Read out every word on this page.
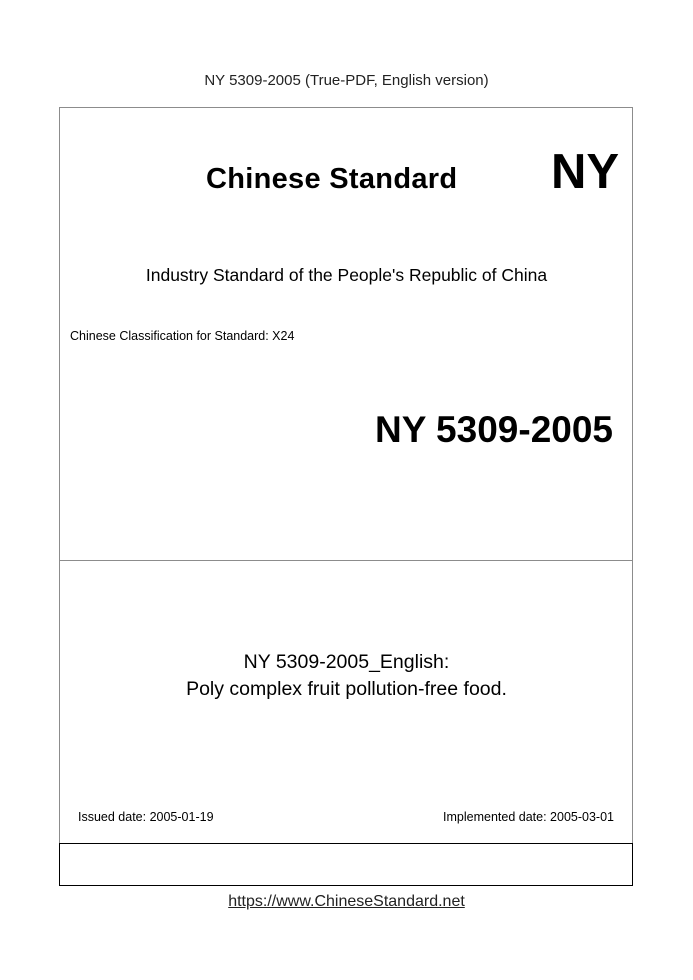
NY 5309-2005 (True-PDF, English version)
Chinese Standard NY
Industry Standard of the People's Republic of China
Chinese Classification for Standard: X24
NY 5309-2005
NY 5309-2005_English:
Poly complex fruit pollution-free food.
Issued date: 2005-01-19	Implemented date: 2005-03-01
https://www.ChineseStandard.net
